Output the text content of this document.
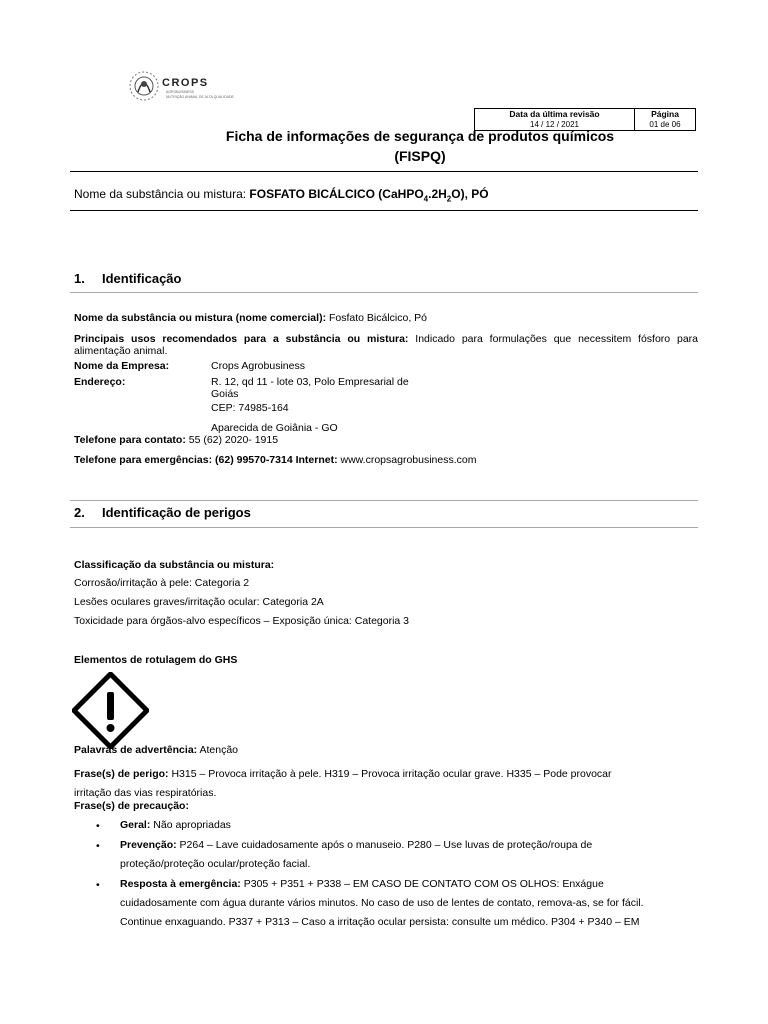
CROPS
AGROBUSINESS
NUTRIÇÃO ANIMAL DE ALTA QUALIDADE
Data da última revisão
14 / 12 / 2021
Página
01 de 06
Ficha de informações de segurança de produtos químicos
(FISPQ)
Nome da substância ou mistura: FOSFATO BICÁLCICO $(CaHPO_4.2H_2O)$, PÓ
1. Identificação
Nome da substância ou mistura (nome comercial): Fosfato Bicálcico, Pó
Principais usos recomendados para a substância ou mistura: Indicado para formulações que necessitem fósforo para alimentação animal.
Nome da Empresa:	Crops Agrobusiness
Endereço:	R. 12, qd 11 - lote 03, Polo Empresarial de
Goiás
CEP: 74985-164
Aparecida de Goiânia - GO
Telefone para contato: 55 (62) 2020- 1915
Telefone para emergências: (62) 99570-7314 Internet: www.cropsagrobusiness.com
2. Identificação de perigos
Classificação da substância ou mistura:
Corrosão/irritação à pele: Categoria 2
Lesões oculares graves/irritação ocular: Categoria 2A
Toxicidade para órgãos-alvo específicos – Exposição única: Categoria 3
Elementos de rotulagem do GHS
Palavras de advertência: Atenção
Frase(s) de perigo: H315 – Provoca irritação à pele. H319 – Provoca irritação ocular grave. H335 – Pode provocar
irritação das vias respiratórias.
Frase(s) de precaução:
• Geral: Não apropriadas
• Prevenção: P264 – Lave cuidadosamente após o manuseio. P280 – Use luvas de proteção/roupa de
proteção/proteção ocular/proteção facial.
• Resposta à emergência: P305 + P351 + P338 – EM CASO DE CONTATO COM OS OLHOS: Enxágue
cuidadosamente com água durante vários minutos. No caso de uso de lentes de contato, remova-as, se for fácil.
Continue enxaguando. P337 + P313 – Caso a irritação ocular persista: consulte um médico. P304 + P340 – EM
